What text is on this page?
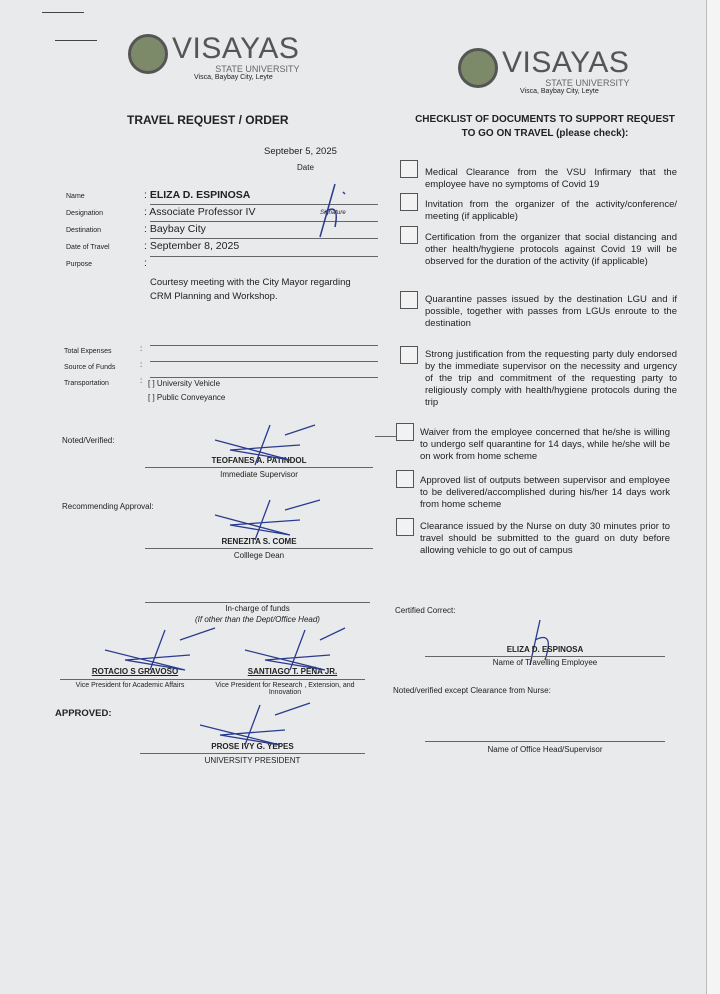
VISAYAS
STATE UNIVERSITY
Visca, Baybay City, Leyte
TRAVEL REQUEST / ORDER
Septeber 5, 2025
Date
Name
Designation
Destination
Date of Travel
Purpose
: ELIZA D. ESPINOSA
: Associate Professor IV
: Baybay City
: September 8, 2025
:
Signature
Courtesy meeting with the City Mayor regarding CRM Planning and Workshop.
Total Expenses
Source of Funds
Transportation
:
:
: [ ] University Vehicle
[ ] Public Conveyance
Noted/Verified:
TEOFANES A. PATINDOL
Immediate Supervisor
Recommending Approval:
RENEZITA S. COME
Colllege Dean
In-charge of funds
(If other than the Dept/Office Head)
ROTACIO S GRAVOSO
Vice President for Academic Affairs
SANTIAGO T. PEÑA JR.
Vice President for Research , Extension, and Innovation
APPROVED:
PROSE IVY G. YEPES
UNIVERSITY PRESIDENT
VISAYAS
STATE UNIVERSITY
Visca, Baybay City, Leyte
CHECKLIST OF DOCUMENTS TO SUPPORT REQUEST TO GO ON TRAVEL (please check):
Medical Clearance from the VSU Infirmary that the employee have no symptoms of Covid 19
Invitation from the organizer of the activity/conference/ meeting (if applicable)
Certification from the organizer that social distancing and other health/hygiene protocols against Covid 19 will be observed for the duration of the activity (if applicable)
Quarantine passes issued by the destination LGU and if possible, together with passes from LGUs enroute to the destination
Strong justification from the requesting party duly endorsed by the immediate supervisor on the necessity and urgency of the trip and commitment of the requesting party to religiously comply with health/hygiene protocols during the trip
Waiver from the employee concerned that he/she is willing to undergo self quarantine for 14 days, while he/she will be on work from home scheme
Approved list of outputs between supervisor and employee to be delivered/accomplished during his/her 14 days work from home scheme
Clearance issued by the Nurse on duty 30 minutes prior to travel should be submitted to the guard on duty before allowing vehicle to go out of campus
Certified Correct:
ELIZA D. ESPINOSA
Name of Travelling Employee
Noted/verified except Clearance from Nurse:
Name of Office Head/Supervisor
